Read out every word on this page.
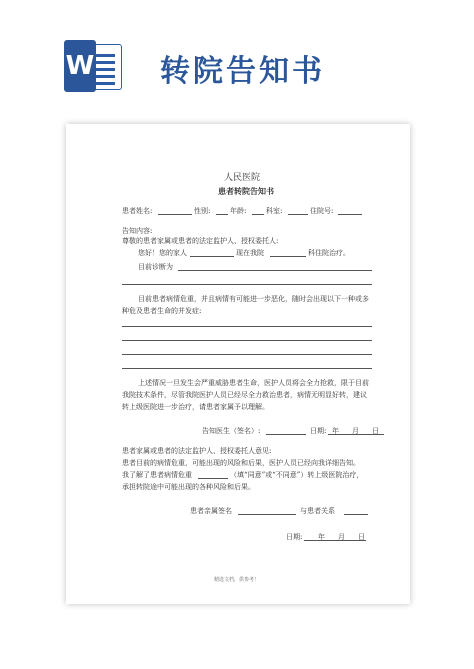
W 转院告知书
人民医院
患者转院告知书
患者姓名:	性别:	年龄:	科室:	住院号:
告知内容:
尊敬的患者家属或患者的法定监护人、授权委托人:
您好！您的家人	现在我院	科住院治疗。
目前诊断为
目前患者病情危重，并且病情有可能进一步恶化，随时会出现以下一种或多
种危及患者生命的并发症:
上述情况一旦发生会严重威胁患者生命，医护人员将会全力抢救，限于目前
我院技术条件，尽管我院医护人员已经尽全力救治患者，病情无明显好转，建议
转上级医院进一步治疗，请患者家属予以理解。
告知医生（签名）:	日期: 年 月 日
患者家属或患者的法定监护人、授权委托人意见:
患者目前的病情危重，可能出现的风险和后果，医护人员已经向我详细告知。
我了解了患者病情危重	（填“同意”或“不同意”）转上级医院治疗，
承担转院途中可能出现的各种风险和后果。
患者亲属签名	与患者关系
日期: 年 月 日
精选文档，供参考！
